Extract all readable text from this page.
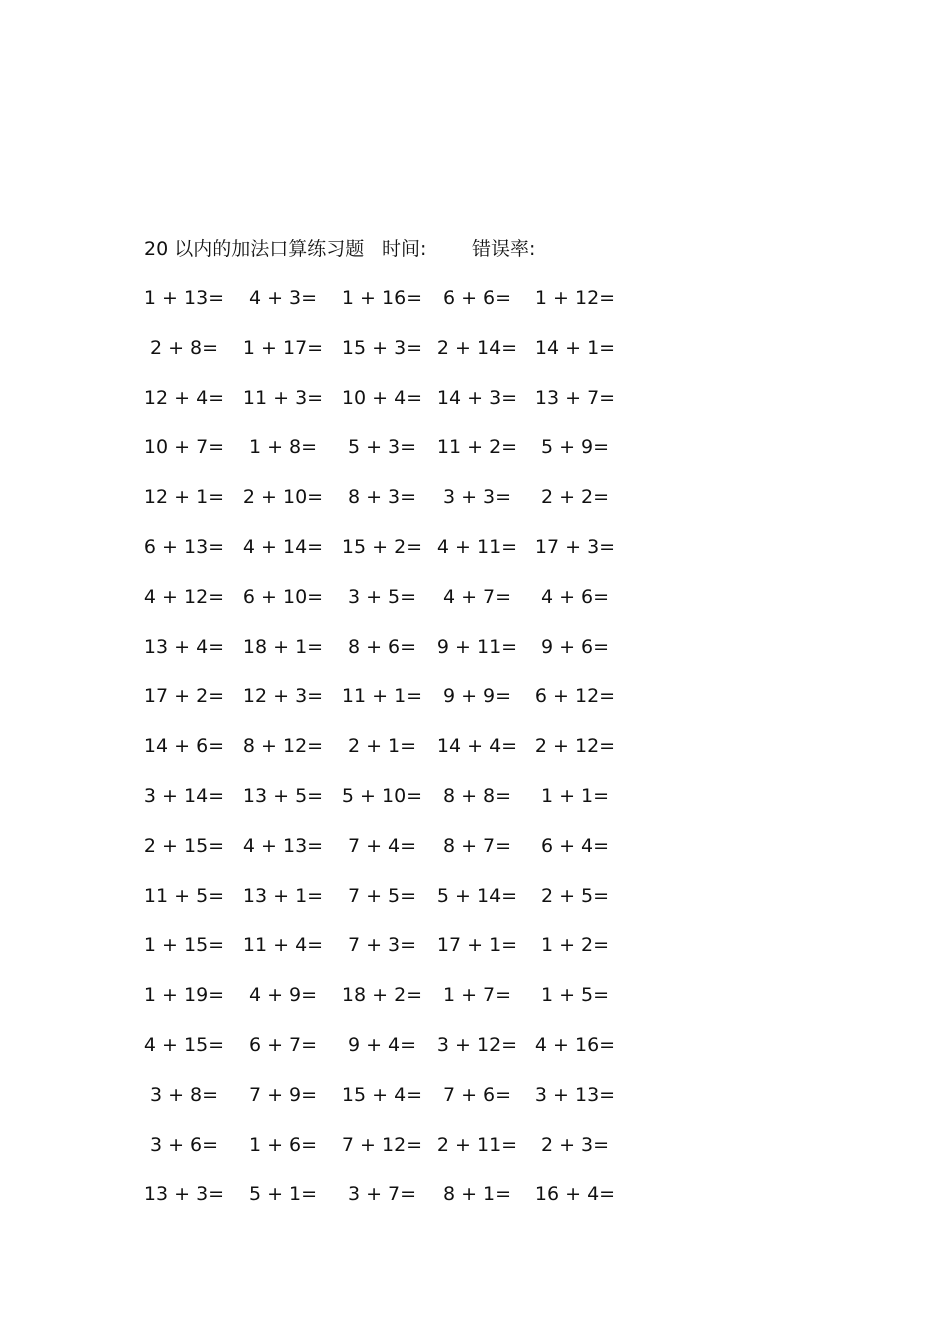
20 以内的加法口算练习题 时间: 错误率:
1 + 13=	4 + 3=	1 + 16=	6 + 6=	1 + 12=
2 + 8=	1 + 17= 15 + 3= 2 + 14= 14 + 1=
12 + 4= 11 + 3= 10 + 4= 14 + 3= 13 + 7=
10 + 7=	1 + 8=	5 + 3=	11 + 2=	5 + 9=
12 + 1= 2 + 10=	8 + 3=	3 + 3=	2 + 2=
6 + 13= 4 + 14= 15 + 2= 4 + 11= 17 + 3=
4 + 12= 6 + 10=	3 + 5=	4 + 7=	4 + 6=
13 + 4= 18 + 1=	8 + 6=	9 + 11=	9 + 6=
17 + 2= 12 + 3= 11 + 1=	9 + 9=	6 + 12=
14 + 6= 8 + 12=	2 + 1=	14 + 4= 2 + 12=
3 + 14= 13 + 5= 5 + 10=	8 + 8=	1 + 1=
2 + 15= 4 + 13=	7 + 4=	8 + 7=	6 + 4=
11 + 5= 13 + 1=	7 + 5=	5 + 14=	2 + 5=
1 + 15= 11 + 4=	7 + 3=	17 + 1=	1 + 2=
1 + 19=	4 + 9=	18 + 2=	1 + 7=	1 + 5=
4 + 15=	6 + 7=	9 + 4=	3 + 12= 4 + 16=
3 + 8=	7 + 9=	15 + 4=	7 + 6=	3 + 13=
3 + 6=	1 + 6=	7 + 12= 2 + 11=	2 + 3=
13 + 3=	5 + 1=	3 + 7=	8 + 1=	16 + 4=
